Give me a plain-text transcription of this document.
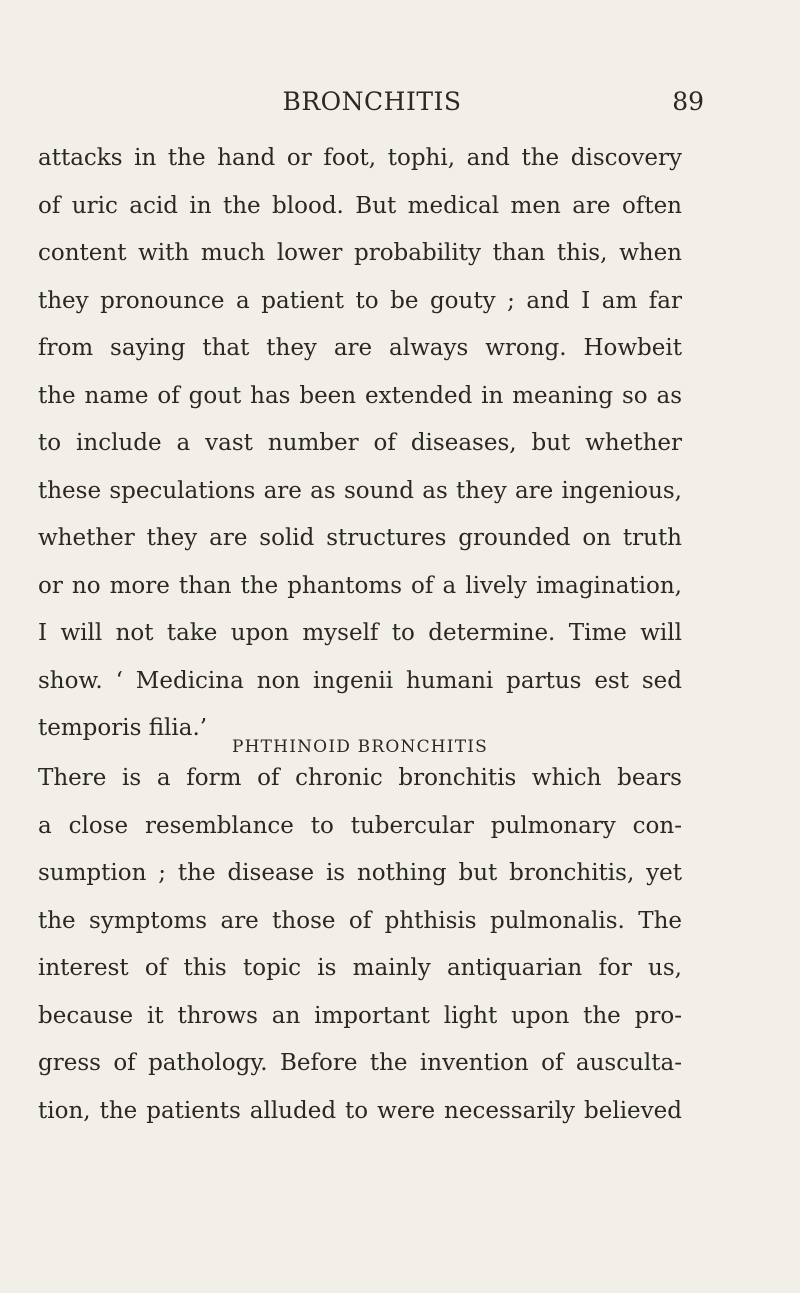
BRONCHITIS	89
attacks in the hand or foot, tophi, and the discovery
of uric acid in the blood. But medical men are often
content with much lower probability than this, when
they pronounce a patient to be gouty ; and I am far
from saying that they are always wrong. Howbeit
the name of gout has been extended in meaning so as
to include a vast number of diseases, but whether
these speculations are as sound as they are ingenious,
whether they are solid structures grounded on truth
or no more than the phantoms of a lively imagination,
I will not take upon myself to determine. Time will
show. ‘ Medicina non ingenii humani partus est sed
temporis filia.’
PHTHINOID BRONCHITIS
There is a form of chronic bronchitis which bears
a close resemblance to tubercular pulmonary con-
sumption ; the disease is nothing but bronchitis, yet
the symptoms are those of phthisis pulmonalis. The
interest of this topic is mainly antiquarian for us,
because it throws an important light upon the pro-
gress of pathology. Before the invention of ausculta-
tion, the patients alluded to were necessarily believed
